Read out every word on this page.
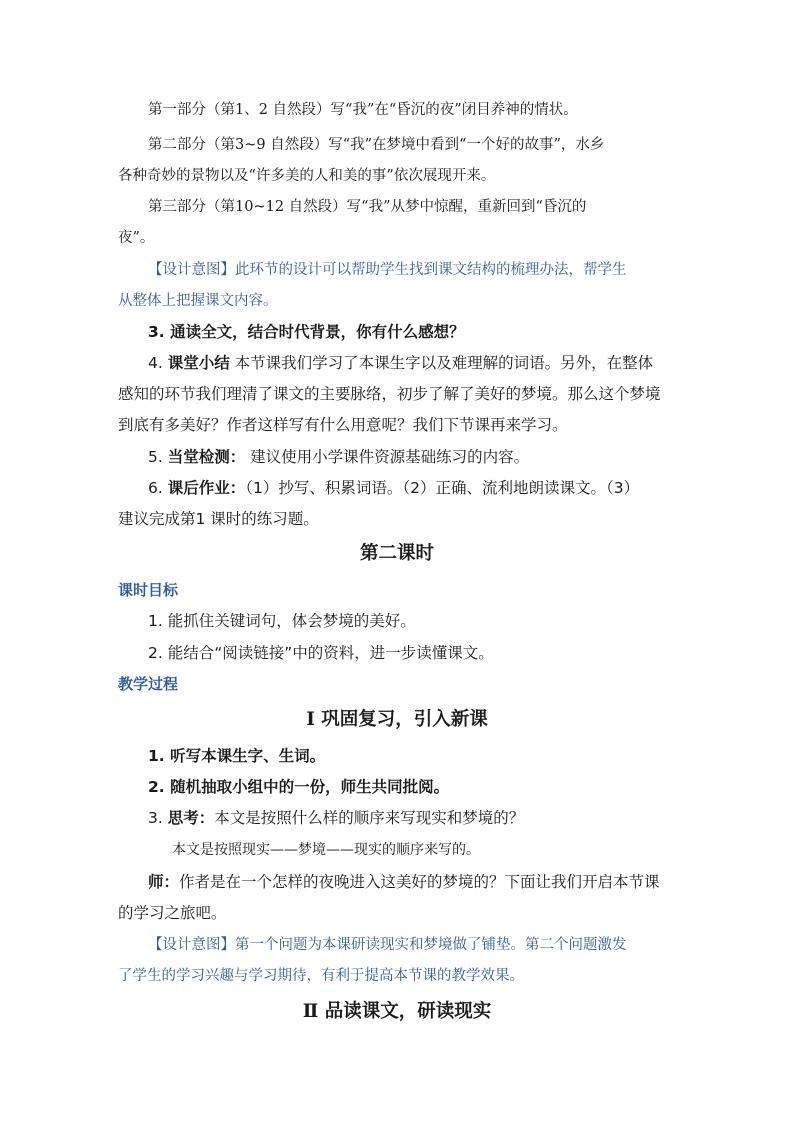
第一部分（第1、2 自然段）写“我”在“昏沉的夜”闭目养神的情状。
第二部分（第3~9 自然段）写“我”在梦境中看到“一个好的故事”，水乡
各种奇妙的景物以及“许多美的人和美的事”依次展现开来。
第三部分（第10~12 自然段）写“我”从梦中惊醒，重新回到“昏沉的
夜”。
【设计意图】此环节的设计可以帮助学生找到课文结构的梳理办法，帮学生
从整体上把握课文内容。
3. 通读全文，结合时代背景，你有什么感想？
4. 课堂小结 本节课我们学习了本课生字以及难理解的词语。另外，在整体
感知的环节我们理清了课文的主要脉络，初步了解了美好的梦境。那么这个梦境
到底有多美好？作者这样写有什么用意呢？我们下节课再来学习。
5. 当堂检测： 建议使用小学课件资源基础练习的内容。
6. 课后作业：（1）抄写、积累词语。（2）正确、流利地朗读课文。（3）
建议完成第1 课时的练习题。
第二课时
课时目标
1. 能抓住关键词句，体会梦境的美好。
2. 能结合“阅读链接”中的资料，进一步读懂课文。
教学过程
Ⅰ 巩固复习，引入新课
1. 听写本课生字、生词。
2. 随机抽取小组中的一份，师生共同批阅。
3. 思考：本文是按照什么样的顺序来写现实和梦境的？
本文是按照现实——梦境——现实的顺序来写的。
师：作者是在一个怎样的夜晚进入这美好的梦境的？下面让我们开启本节课
的学习之旅吧。
【设计意图】第一个问题为本课研读现实和梦境做了铺垫。第二个问题激发
了学生的学习兴趣与学习期待，有利于提高本节课的教学效果。
Ⅱ 品读课文，研读现实
